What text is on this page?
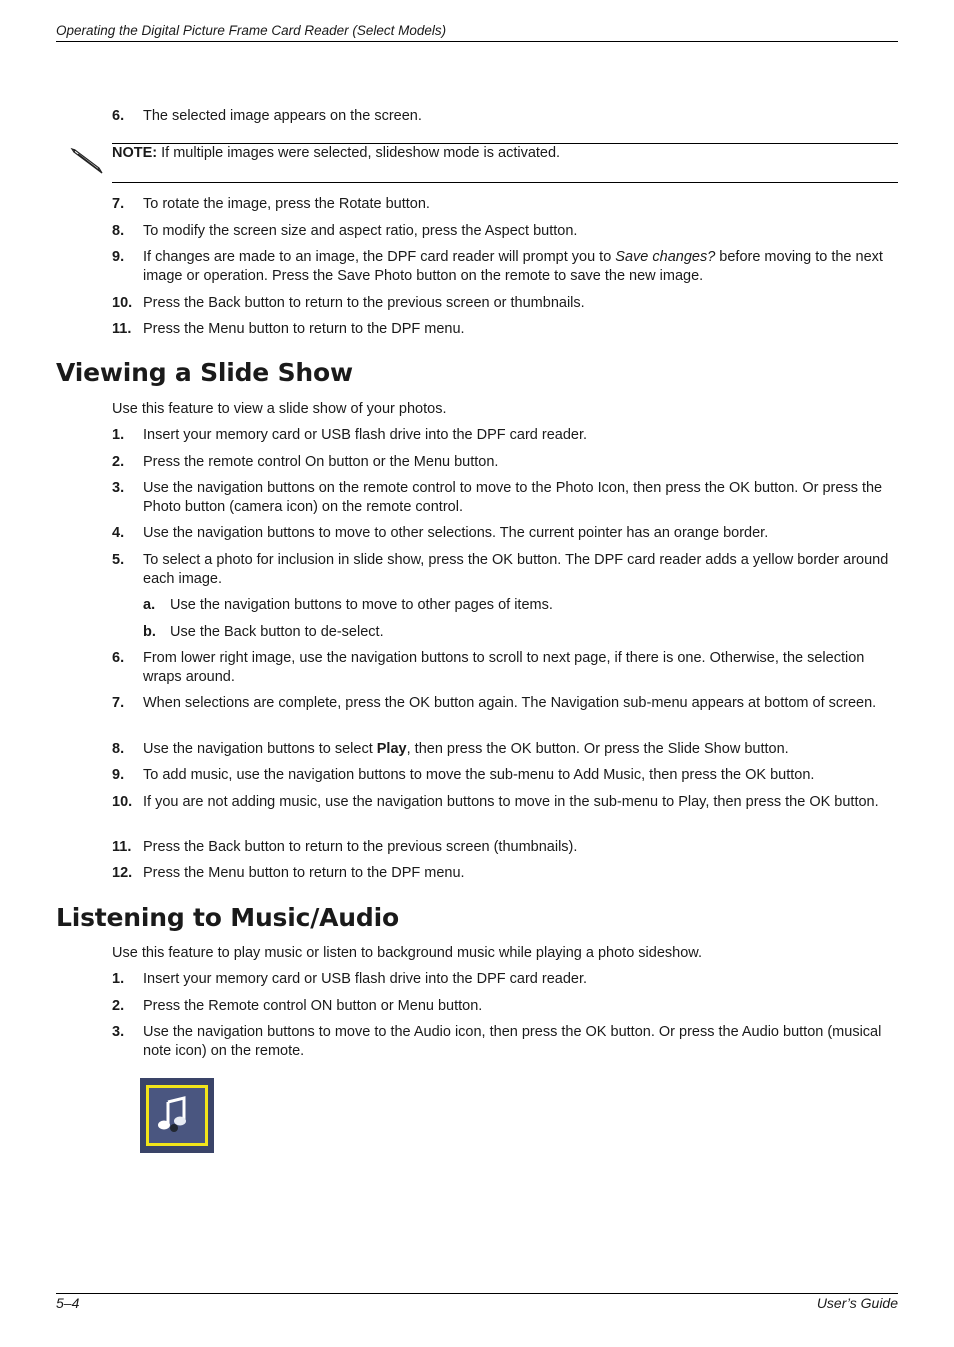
Operating the Digital Picture Frame Card Reader (Select Models)
6. The selected image appears on the screen.
NOTE: If multiple images were selected, slideshow mode is activated.
7. To rotate the image, press the Rotate button.
8. To modify the screen size and aspect ratio, press the Aspect button.
9. If changes are made to an image, the DPF card reader will prompt you to Save changes? before moving to the next image or operation. Press the Save Photo button on the remote to save the new image.
10. Press the Back button to return to the previous screen or thumbnails.
11. Press the Menu button to return to the DPF menu.
Viewing a Slide Show
Use this feature to view a slide show of your photos.
1. Insert your memory card or USB flash drive into the DPF card reader.
2. Press the remote control On button or the Menu button.
3. Use the navigation buttons on the remote control to move to the Photo Icon, then press the OK button. Or press the Photo button (camera icon) on the remote control.
4. Use the navigation buttons to move to other selections. The current pointer has an orange border.
5. To select a photo for inclusion in slide show, press the OK button. The DPF card reader adds a yellow border around each image.
a. Use the navigation buttons to move to other pages of items.
b. Use the Back button to de-select.
6. From lower right image, use the navigation buttons to scroll to next page, if there is one. Otherwise, the selection wraps around.
7. When selections are complete, press the OK button again. The Navigation sub-menu appears at bottom of screen.
8. Use the navigation buttons to select Play, then press the OK button. Or press the Slide Show button.
9. To add music, use the navigation buttons to move the sub-menu to Add Music, then press the OK button.
10. If you are not adding music, use the navigation buttons to move in the sub-menu to Play, then press the OK button.
11. Press the Back button to return to the previous screen (thumbnails).
12. Press the Menu button to return to the DPF menu.
Listening to Music/Audio
Use this feature to play music or listen to background music while playing a photo sideshow.
1. Insert your memory card or USB flash drive into the DPF card reader.
2. Press the Remote control ON button or Menu button.
3. Use the navigation buttons to move to the Audio icon, then press the OK button. Or press the Audio button (musical note icon) on the remote.
5–4	User’s Guide
